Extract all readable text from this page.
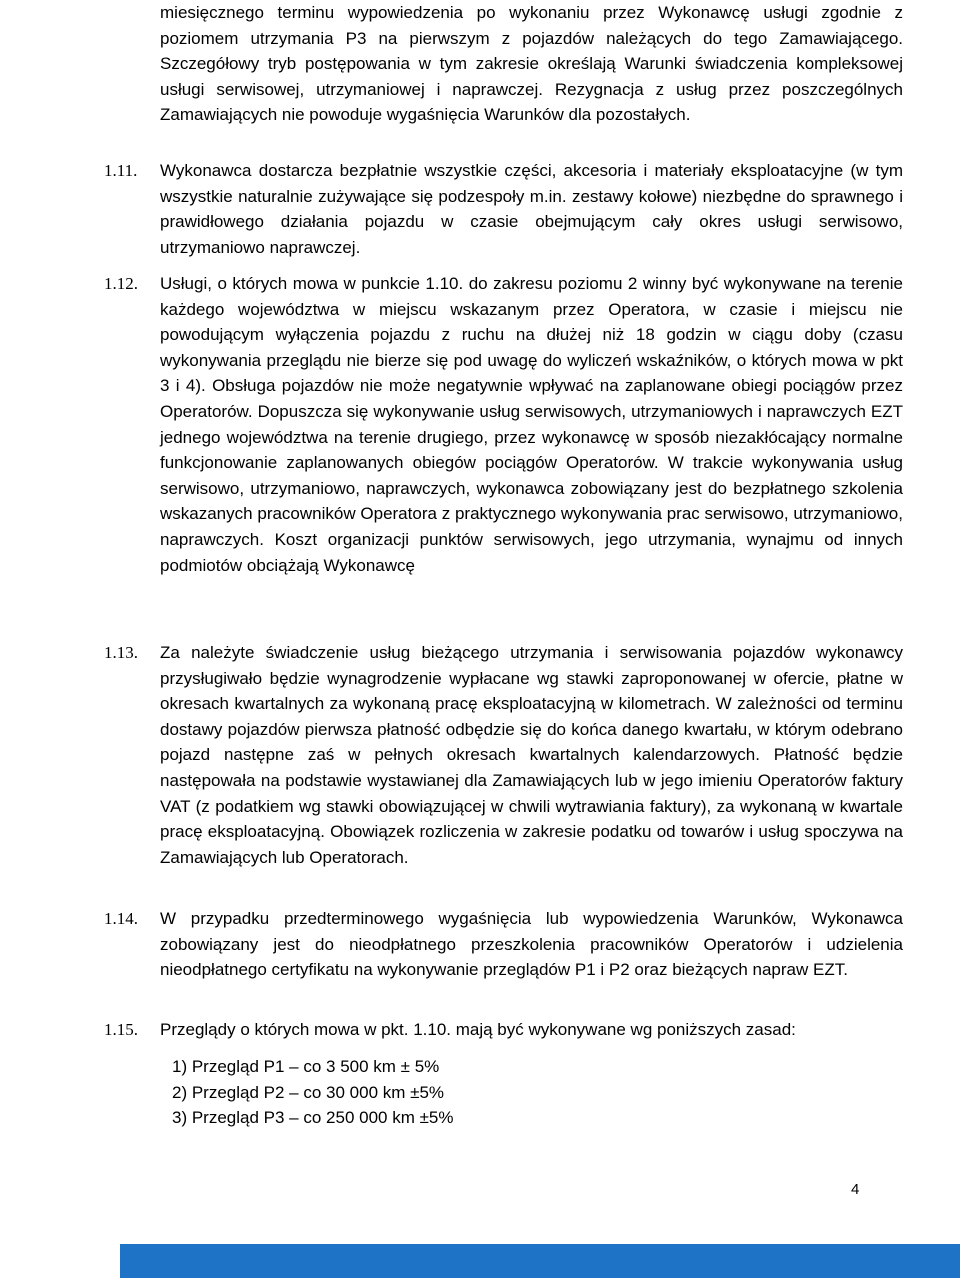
miesięcznego terminu wypowiedzenia po wykonaniu przez Wykonawcę usługi zgodnie z poziomem utrzymania P3 na pierwszym z pojazdów należących do tego Zamawiającego. Szczegółowy tryb postępowania w tym zakresie określają Warunki świadczenia kompleksowej usługi serwisowej, utrzymaniowej i naprawczej. Rezygnacja z usług przez poszczególnych Zamawiających nie powoduje wygaśnięcia Warunków dla pozostałych.

1.11. Wykonawca dostarcza bezpłatnie wszystkie części, akcesoria i materiały eksploatacyjne (w tym wszystkie naturalnie zużywające się podzespoły m.in. zestawy kołowe) niezbędne do sprawnego i prawidłowego działania pojazdu w czasie obejmującym cały okres usługi serwisowo, utrzymaniowo naprawczej.

1.12. Usługi, o których mowa w punkcie 1.10. do zakresu poziomu 2 winny być wykonywane na terenie każdego województwa w miejscu wskazanym przez Operatora, w czasie i miejscu nie powodującym wyłączenia pojazdu z ruchu na dłużej niż 18 godzin w ciągu doby (czasu wykonywania przeglądu nie bierze się pod uwagę do wyliczeń wskaźników, o których mowa w pkt 3 i 4). Obsługa pojazdów nie może negatywnie wpływać na zaplanowane obiegi pociągów przez Operatorów. Dopuszcza się wykonywanie usług serwisowych, utrzymaniowych i naprawczych EZT jednego województwa na terenie drugiego, przez wykonawcę w sposób niezakłócający normalne funkcjonowanie zaplanowanych obiegów pociągów Operatorów. W trakcie wykonywania usług serwisowo, utrzymaniowo, naprawczych, wykonawca zobowiązany jest do bezpłatnego szkolenia wskazanych pracowników Operatora z praktycznego wykonywania prac serwisowo, utrzymaniowo, naprawczych. Koszt organizacji punktów serwisowych, jego utrzymania, wynajmu od innych podmiotów obciążają Wykonawcę

1.13. Za należyte świadczenie usług bieżącego utrzymania i serwisowania pojazdów wykonawcy przysługiwało będzie wynagrodzenie wypłacane wg stawki zaproponowanej w ofercie, płatne w okresach kwartalnych za wykonaną pracę eksploatacyjną w kilometrach. W zależności od terminu dostawy pojazdów pierwsza płatność odbędzie się do końca danego kwartału, w którym odebrano pojazd następne zaś w pełnych okresach kwartalnych kalendarzowych. Płatność będzie następowała na podstawie wystawianej dla Zamawiających lub w jego imieniu Operatorów faktury VAT (z podatkiem wg stawki obowiązującej w chwili wytrawiania faktury), za wykonaną w kwartale pracę eksploatacyjną. Obowiązek rozliczenia w zakresie podatku od towarów i usług spoczywa na Zamawiających lub Operatorach.

1.14. W przypadku przedterminowego wygaśnięcia lub wypowiedzenia Warunków, Wykonawca zobowiązany jest do nieodpłatnego przeszkolenia pracowników Operatorów i udzielenia nieodpłatnego certyfikatu na wykonywanie przeglądów P1 i P2 oraz bieżących napraw EZT.

1.15. Przeglądy o których mowa w pkt. 1.10. mają być wykonywane wg poniższych zasad:

1) Przegląd P1 – co 3 500 km ± 5%
2) Przegląd P2 – co 30 000 km ±5%
3) Przegląd P3 – co 250 000 km ±5%
4
